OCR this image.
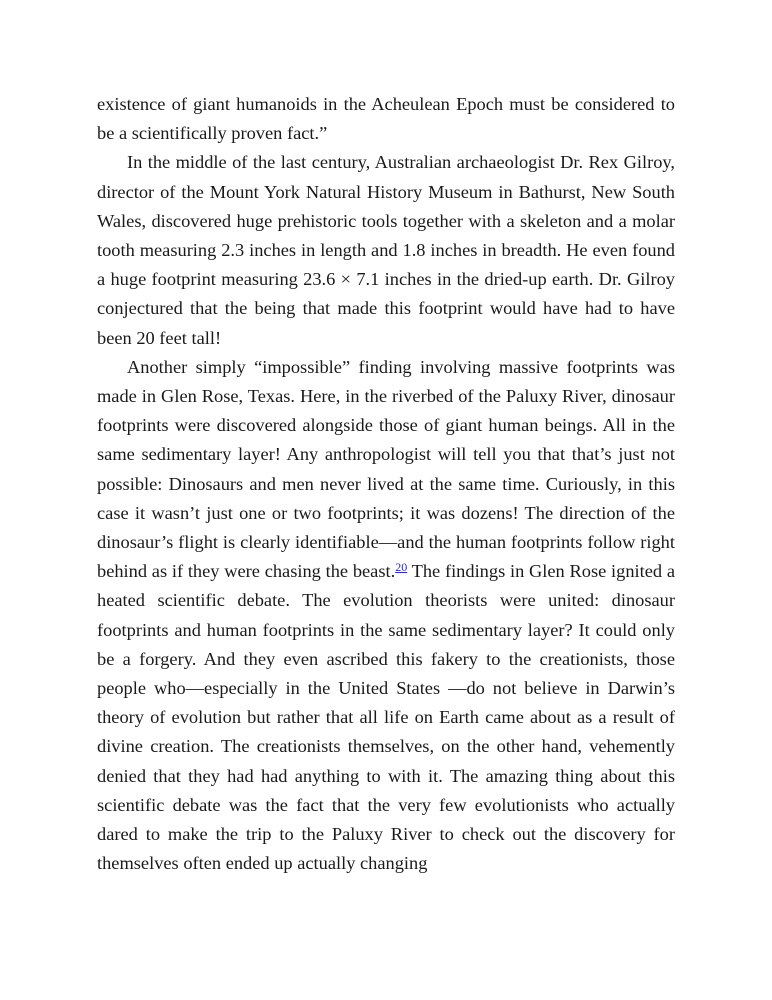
existence of giant humanoids in the Acheulean Epoch must be considered to be a scientifically proven fact.”

In the middle of the last century, Australian archaeologist Dr. Rex Gilroy, director of the Mount York Natural History Museum in Bathurst, New South Wales, discovered huge prehistoric tools together with a skeleton and a molar tooth measuring 2.3 inches in length and 1.8 inches in breadth. He even found a huge footprint measuring 23.6 × 7.1 inches in the dried-up earth. Dr. Gilroy conjectured that the being that made this footprint would have had to have been 20 feet tall!

Another simply “impossible” finding involving massive footprints was made in Glen Rose, Texas. Here, in the riverbed of the Paluxy River, dinosaur footprints were discovered alongside those of giant human beings. All in the same sedimentary layer! Any anthropologist will tell you that that’s just not possible: Dinosaurs and men never lived at the same time. Curiously, in this case it wasn’t just one or two footprints; it was dozens! The direction of the dinosaur’s flight is clearly identifiable—and the human footprints follow right behind as if they were chasing the beast.$^{20}$ The findings in Glen Rose ignited a heated scientific debate. The evolution theorists were united: dinosaur footprints and human footprints in the same sedimentary layer? It could only be a forgery. And they even ascribed this fakery to the creationists, those people who—especially in the United States —do not believe in Darwin’s theory of evolution but rather that all life on Earth came about as a result of divine creation. The creationists themselves, on the other hand, vehemently denied that they had had anything to with it. The amazing thing about this scientific debate was the fact that the very few evolutionists who actually dared to make the trip to the Paluxy River to check out the discovery for themselves often ended up actually changing
